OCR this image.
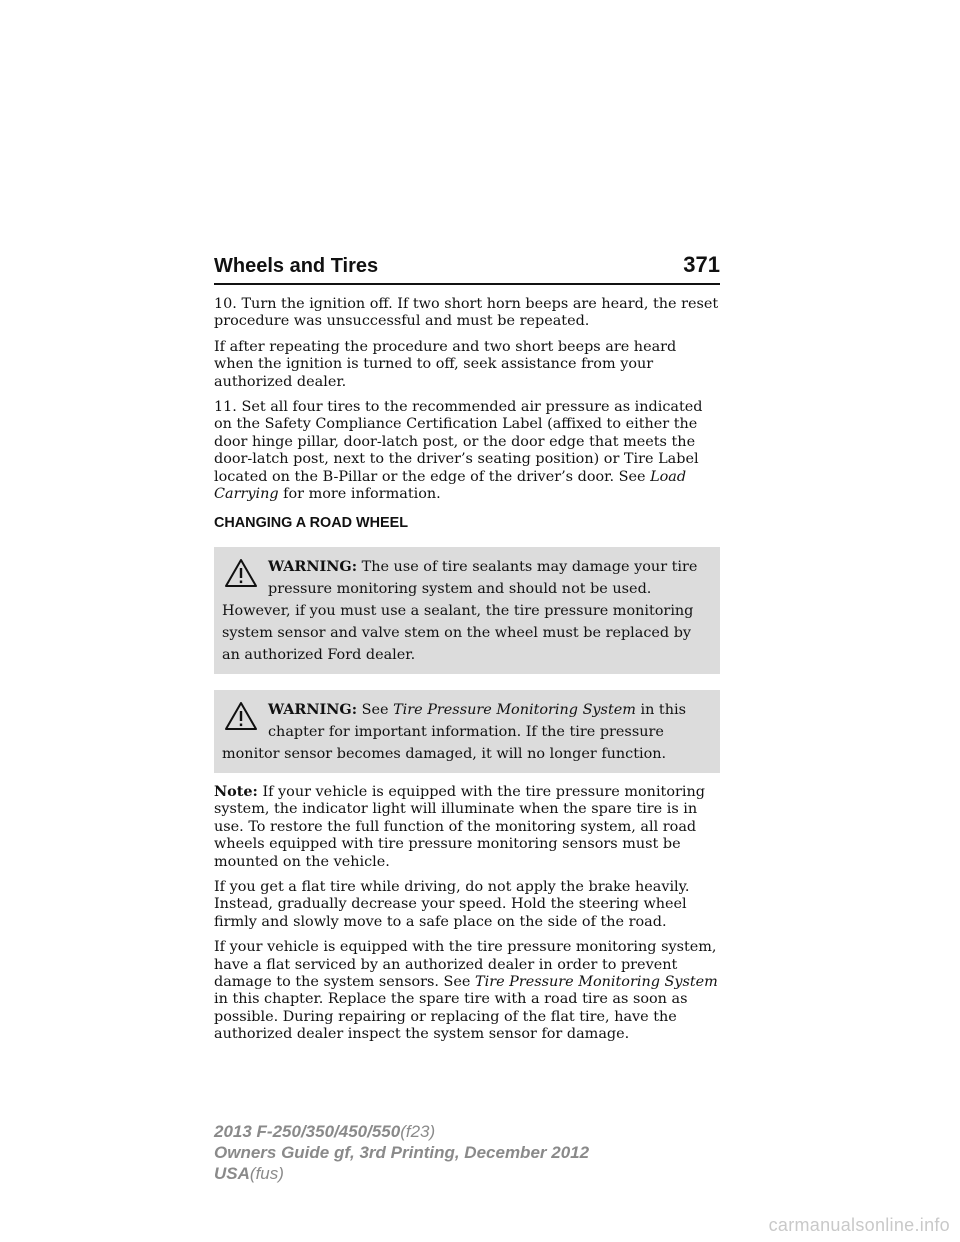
Wheels and Tires	371

10. Turn the ignition off. If two short horn beeps are heard, the reset procedure was unsuccessful and must be repeated.

If after repeating the procedure and two short beeps are heard when the ignition is turned to off, seek assistance from your authorized dealer.

11. Set all four tires to the recommended air pressure as indicated on the Safety Compliance Certification Label (affixed to either the door hinge pillar, door-latch post, or the door edge that meets the door-latch post, next to the driver’s seating position) or Tire Label located on the B-Pillar or the edge of the driver’s door. See Load Carrying for more information.

CHANGING A ROAD WHEEL
WARNING: The use of tire sealants may damage your tire pressure monitoring system and should not be used. However, if you must use a sealant, the tire pressure monitoring system sensor and valve stem on the wheel must be replaced by an authorized Ford dealer.
WARNING: See Tire Pressure Monitoring System in this chapter for important information. If the tire pressure monitor sensor becomes damaged, it will no longer function.

Note: If your vehicle is equipped with the tire pressure monitoring system, the indicator light will illuminate when the spare tire is in use. To restore the full function of the monitoring system, all road wheels equipped with tire pressure monitoring sensors must be mounted on the vehicle.

If you get a flat tire while driving, do not apply the brake heavily. Instead, gradually decrease your speed. Hold the steering wheel firmly and slowly move to a safe place on the side of the road.

If your vehicle is equipped with the tire pressure monitoring system, have a flat serviced by an authorized dealer in order to prevent damage to the system sensors. See Tire Pressure Monitoring System in this chapter. Replace the spare tire with a road tire as soon as possible. During repairing or replacing of the flat tire, have the authorized dealer inspect the system sensor for damage.

2013 F-250/350/450/550(f23)
Owners Guide gf, 3rd Printing, December 2012
USA(fus)
carmanualsonline.info
